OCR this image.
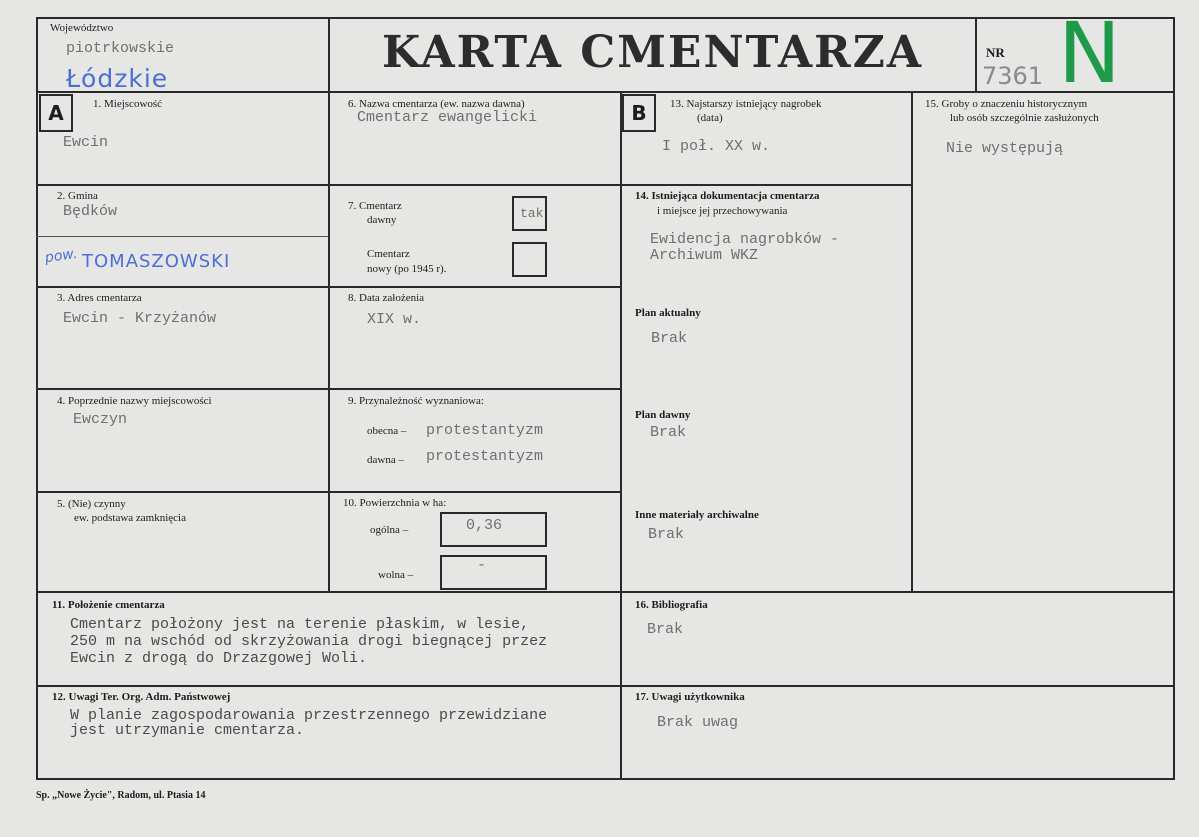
Województwo
piotrkowskie
Łódzkie
KARTA CMENTARZA	NR
7361 N
A	B
1. Miejscowość
Ewcin
2. Gmina
Będków
pow. TOMASZOWSKI
3. Adres cmentarza
Ewcin - Krzyżanów
4. Poprzednie nazwy miejscowości
Ewczyn
5. (Nie) czynny
ew. podstawa zamknięcia
6. Nazwa cmentarza (ew. nazwa dawna)
Cmentarz ewangelicki
7. Cmentarz
dawny	tak
Cmentarz
nowy (po 1945 r).
8. Data założenia
XIX w.
9. Przynależność wyznaniowa:
obecna – protestantyzm
dawna – protestantyzm
10. Powierzchnia w ha:
ogólna –	0,36
wolna –
-
13. Najstarszy istniejący nagrobek
(data)
I poł. XX w.
14. Istniejąca dokumentacja cmentarza
i miejsce jej przechowywania
Ewidencja nagrobków -
Archiwum WKZ
Plan aktualny
Brak
Plan dawny
Brak
Inne materiały archiwalne
Brak
15. Groby o znaczeniu historycznym
lub osób szczególnie zasłużonych
Nie występują
11. Położenie cmentarza
Cmentarz położony jest na terenie płaskim, w lesie,
250 m na wschód od skrzyżowania drogi biegnącej przez
Ewcin z drogą do Drzazgowej Woli.
12. Uwagi Ter. Org. Adm. Państwowej
W planie zagospodarowania przestrzennego przewidziane
jest utrzymanie cmentarza.
16. Bibliografia
Brak
17. Uwagi użytkownika
Brak uwag
Sp. „Nowe Życie", Radom, ul. Ptasia 14
